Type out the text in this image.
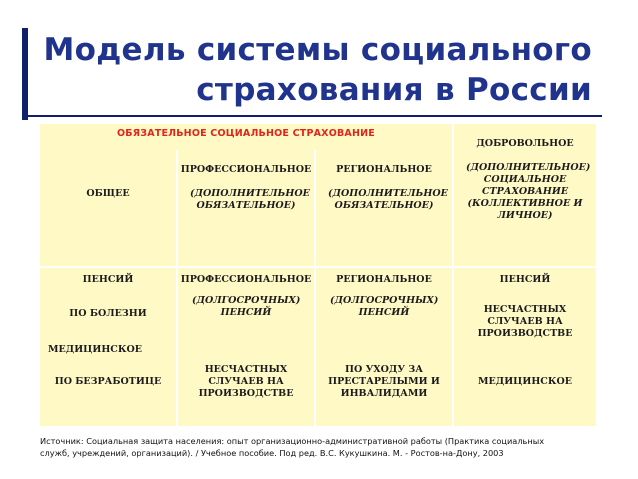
Модель системы социального
страхования в России
ОБЯЗАТЕЛЬНОЕ СОЦИАЛЬНОЕ СТРАХОВАНИЕ
ДОБРОВОЛЬНОЕ
ОБЩЕЕ
ПРОФЕССИОНАЛЬНОЕ
(ДОПОЛНИТЕЛЬНОЕ ОБЯЗАТЕЛЬНОЕ)
РЕГИОНАЛЬНОЕ
(ДОПОЛНИТЕЛЬНОЕ ОБЯЗАТЕЛЬНОЕ)
(ДОПОЛНИТЕЛЬНОЕ) СОЦИАЛЬНОЕ СТРАХОВАНИЕ (КОЛЛЕКТИВНОЕ И ЛИЧНОЕ)
ПЕНСИЙ
ПО БОЛЕЗНИ
МЕДИЦИНСКОЕ
ПО БЕЗРАБОТИЦЕ
ПРОФЕССИОНАЛЬНОЕ
(ДОЛГОСРОЧНЫХ) ПЕНСИЙ
НЕСЧАСТНЫХ СЛУЧАЕВ НА ПРОИЗВОДСТВЕ
РЕГИОНАЛЬНОЕ
(ДОЛГОСРОЧНЫХ) ПЕНСИЙ
ПО УХОДУ ЗА ПРЕСТАРЕЛЫМИ И ИНВАЛИДАМИ
ПЕНСИЙ
НЕСЧАСТНЫХ СЛУЧАЕВ НА ПРОИЗВОДСТВЕ
МЕДИЦИНСКОЕ
Источник: Социальная защита населения: опыт организационно-административной работы (Практика социальных
служб, учреждений, организаций). / Учебное пособие. Под ред. В.С. Кукушкина. М. - Ростов-на-Дону, 2003
